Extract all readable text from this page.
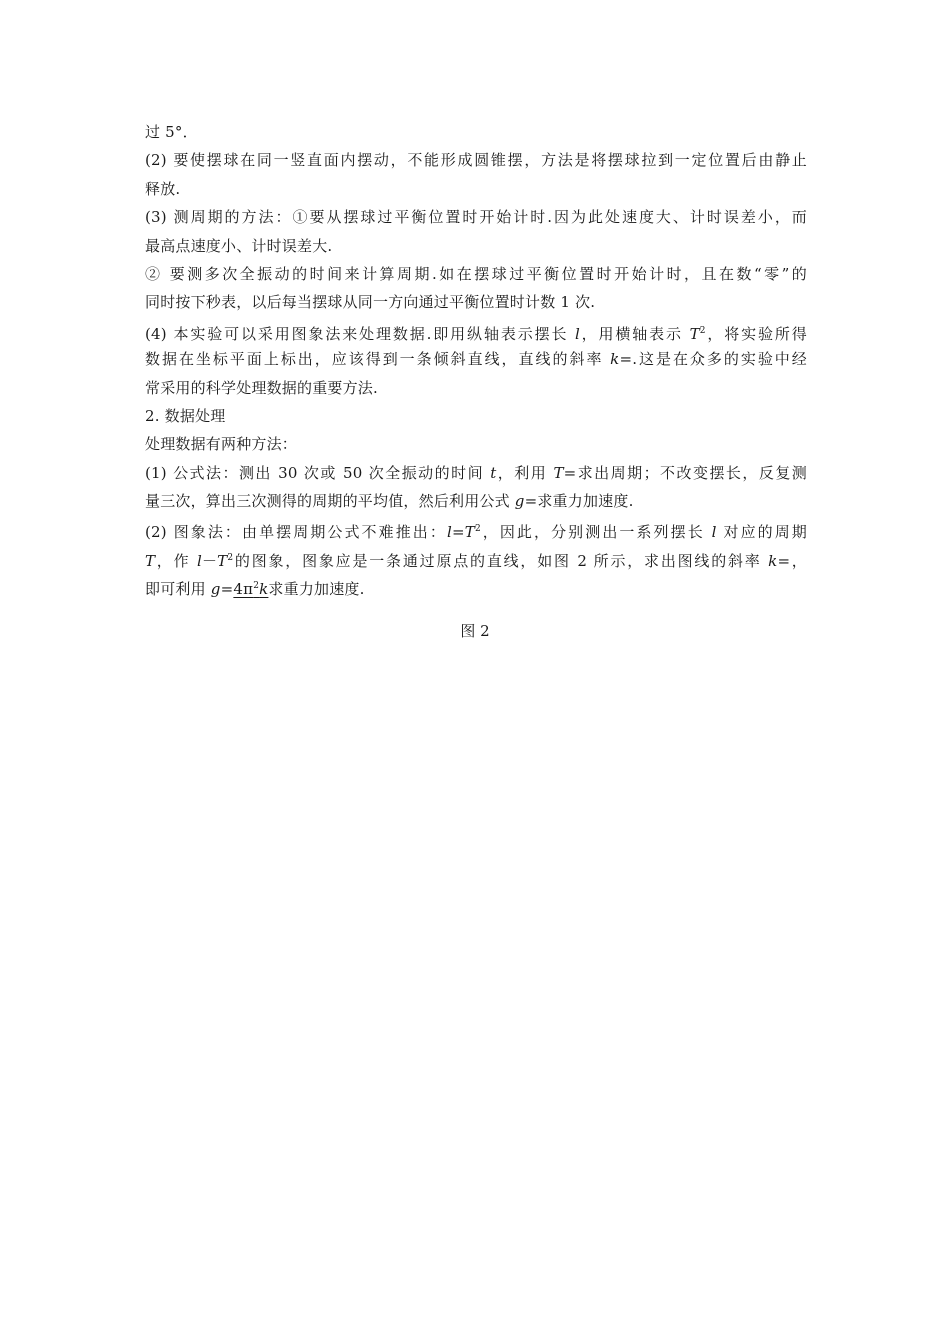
过 5°．
(2) 要使摆球在同一竖直面内摆动，不能形成圆锥摆，方法是将摆球拉到一定位置后由静止
释放.
(3) 测周期的方法：①要从摆球过平衡位置时开始计时.因为此处速度大、计时误差小，而
最高点速度小、计时误差大.
② 要测多次全振动的时间来计算周期.如在摆球过平衡位置时开始计时，且在数“零”的
同时按下秒表，以后每当摆球从同一方向通过平衡位置时计数 1 次.
(4) 本实验可以采用图象法来处理数据.即用纵轴表示摆长 l，用横轴表示 $T^2$，将实验所得
数据在坐标平面上标出，应该得到一条倾斜直线，直线的斜率 k=.这是在众多的实验中经
常采用的科学处理数据的重要方法.
2. 数据处理
处理数据有两种方法：
(1) 公式法：测出 30 次或 50 次全振动的时间 t，利用 T=求出周期；不改变摆长，反复测
量三次，算出三次测得的周期的平均值，然后利用公式 g=求重力加速度.
(2) 图象法：由单摆周期公式不难推出：$l=T^2$，因此，分别测出一系列摆长 l 对应的周期
T，作 $l-T^2$的图象，图象应是一条通过原点的直线，如图 2 所示，求出图线的斜率 k=，
即可利用 $g=4\pi^2k$求重力加速度.
图 2
